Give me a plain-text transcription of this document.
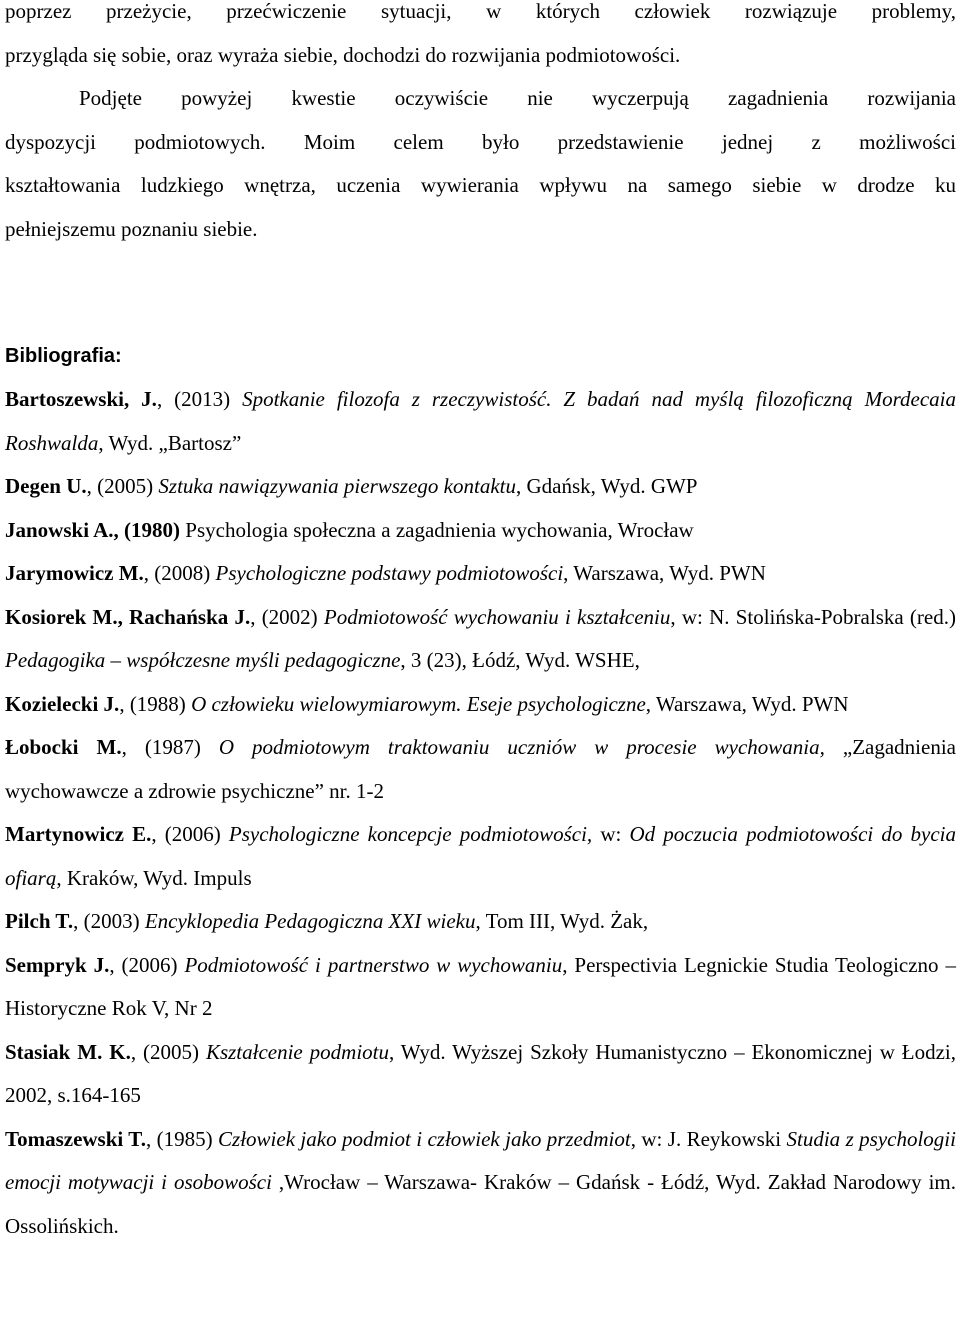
poprzez przeżycie, przećwiczenie sytuacji, w których człowiek rozwiązuje problemy,

przygląda się sobie, oraz wyraża siebie, dochodzi do rozwijania podmiotowości.

Podjęte powyżej kwestie oczywiście nie wyczerpują zagadnienia rozwijania

dyspozycji podmiotowych. Moim celem było przedstawienie jednej z możliwości

kształtowania ludzkiego wnętrza, uczenia wywierania wpływu na samego siebie w drodze ku

pełniejszemu poznaniu siebie.

Bibliografia:

Bartoszewski, J., (2013) Spotkanie filozofa z rzeczywistość. Z badań nad myślą filozoficzną Mordecaia Roshwalda, Wyd. „Bartosz”

Degen U., (2005) Sztuka nawiązywania pierwszego kontaktu, Gdańsk, Wyd. GWP

Janowski A., (1980) Psychologia społeczna a zagadnienia wychowania, Wrocław

Jarymowicz M., (2008) Psychologiczne podstawy podmiotowości, Warszawa, Wyd. PWN

Kosiorek M., Rachańska J., (2002) Podmiotowość wychowaniu i kształceniu, w: N. Stolińska-Pobralska (red.) Pedagogika – współczesne myśli pedagogiczne, 3 (23), Łódź, Wyd. WSHE,

Kozielecki J., (1988) O człowieku wielowymiarowym. Eseje psychologiczne, Warszawa, Wyd. PWN

Łobocki M., (1987) O podmiotowym traktowaniu uczniów w procesie wychowania, „Zagadnienia wychowawcze a zdrowie psychiczne” nr. 1-2

Martynowicz E., (2006) Psychologiczne koncepcje podmiotowości, w: Od poczucia podmiotowości do bycia ofiarą, Kraków, Wyd. Impuls

Pilch T., (2003) Encyklopedia Pedagogiczna XXI wieku, Tom III, Wyd. Żak,

Sempryk J., (2006) Podmiotowość i partnerstwo w wychowaniu, Perspectivia Legnickie Studia Teologiczno – Historyczne Rok V, Nr 2

Stasiak M. K., (2005) Kształcenie podmiotu, Wyd. Wyższej Szkoły Humanistyczno – Ekonomicznej w Łodzi, 2002, s.164-165

Tomaszewski T., (1985) Człowiek jako podmiot i człowiek jako przedmiot, w: J. Reykowski Studia z psychologii emocji motywacji i osobowości ,Wrocław – Warszawa- Kraków – Gdańsk - Łódź, Wyd. Zakład Narodowy im. Ossolińskich.
